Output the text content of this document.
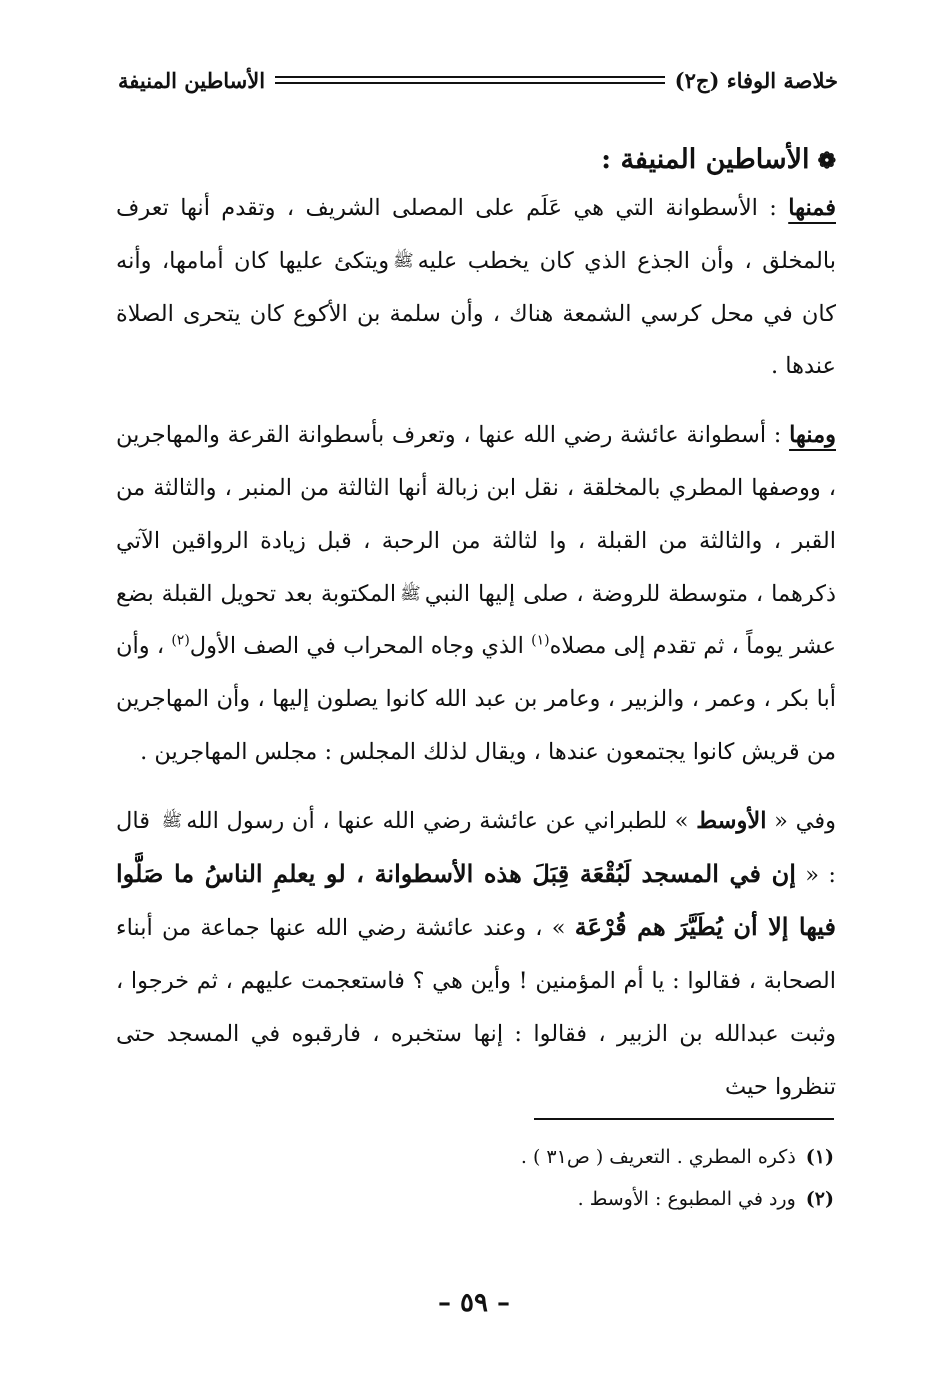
خلاصة الوفاء (ج٢)
الأساطين المنيفة
❁الأساطين المنيفة :

فمنها : الأسطوانة التي هي عَلَم على المصلى الشريف ، وتقدم أنها تعرف بالمخلق ، وأن الجذع الذي كان يخطب عليهﷺويتكئ عليها كان أمامها، وأنه كان في محل كرسي الشمعة هناك ، وأن سلمة بن الأكوع كان يتحرى الصلاة عندها .

ومنها : أسطوانة عائشة رضي الله عنها ، وتعرف بأسطوانة القرعة والمهاجرين ، ووصفها المطري بالمخلقة ، نقل ابن زبالة أنها الثالثة من المنبر ، والثالثة من القبر ، والثالثة من القبلة ، وا لثالثة من الرحبة ، قبل زيادة الرواقين الآتي ذكرهما ، متوسطة للروضة ، صلى إليها النبيﷺالمكتوبة بعد تحويل القبلة بضع عشر يوماً ، ثم تقدم إلى مصلاه$^{(١)}$ الذي وجاه المحراب في الصف الأول$^{(٢)}$ ، وأن أبا بكر ، وعمر ، والزبير ، وعامر بن عبد الله كانوا يصلون إليها ، وأن المهاجرين من قريش كانوا يجتمعون عندها ، ويقال لذلك المجلس : مجلس المهاجرين .

وفي « الأوسط » للطبراني عن عائشة رضي الله عنها ، أن رسول اللهﷺ قال : « إن في المسجد لَبُقْعَة قِبَلَ هذه الأسطوانة ، لو يعلمِ الناسُ ما صَلَّوا فيها إلا أن يُطَيَّرَ هم قُرْعَة » ، وعند عائشة رضي الله عنها جماعة من أبناء الصحابة ، فقالوا : يا أم المؤمنين ! وأين هي ؟ فاستعجمت عليهم ، ثم خرجوا ، وثبت عبدالله بن الزبير ، فقالوا : إنها ستخبره ، فارقبوه في المسجد حتى تنظروا حيث

(١)ذكره المطري . التعريف ( ص٣١ ) .
(٢)ورد في المطبوع : الأوسط .
– ٥٩ –
